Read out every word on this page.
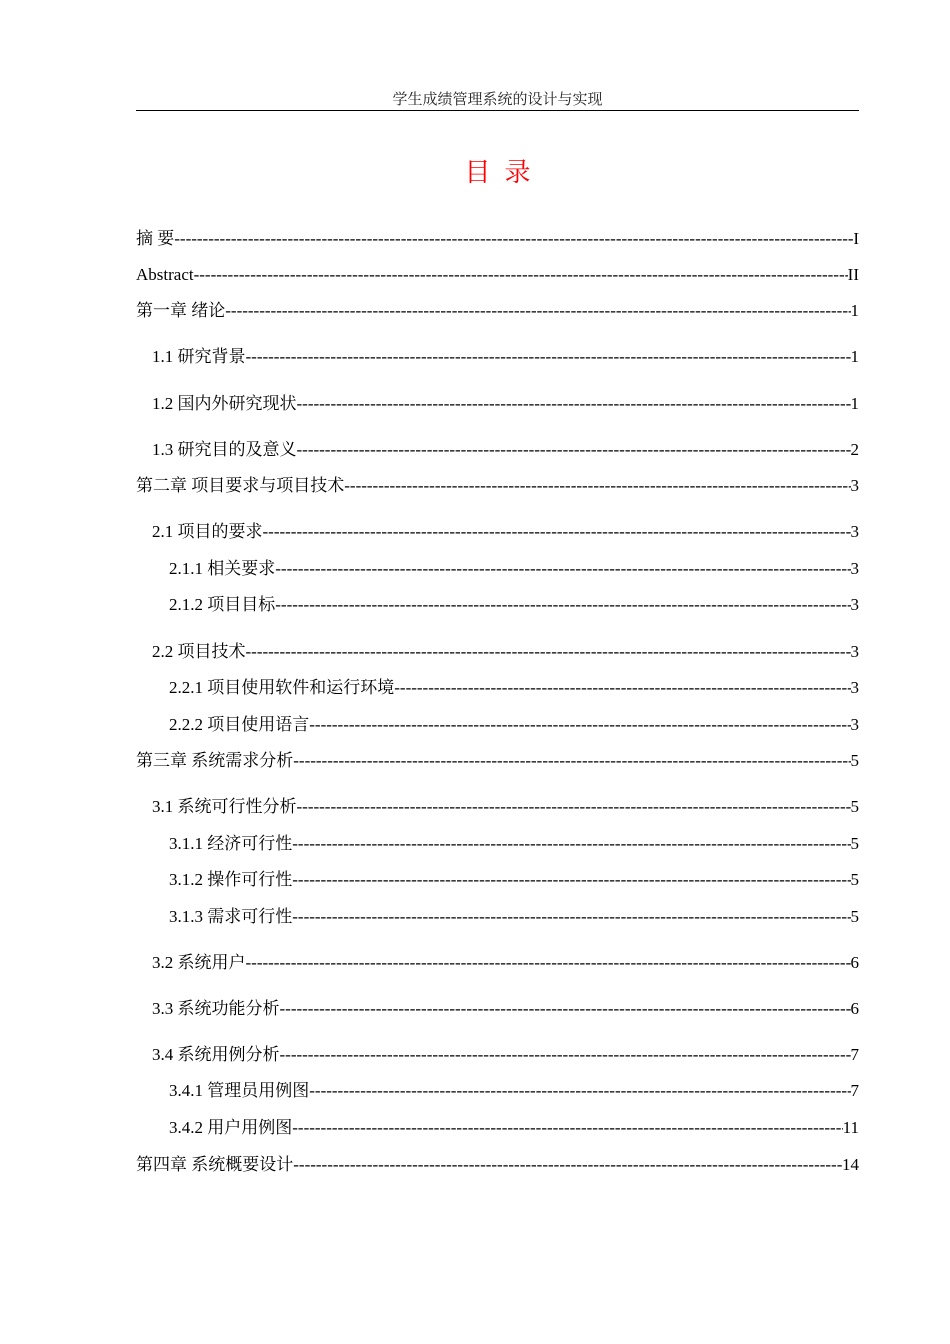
学生成绩管理系统的设计与实现
目录
摘 要 -----	I
Abstract -----	II
第一章 绪论 -----	1
1.1 研究背景 -----	1
1.2 国内外研究现状 -----	1
1.3 研究目的及意义 -----	2
第二章 项目要求与项目技术 -----	3
2.1 项目的要求 -----	3
2.1.1 相关要求 -----	3
2.1.2 项目目标 -----	3
2.2 项目技术 -----	3
2.2.1 项目使用软件和运行环境 -----	3
2.2.2 项目使用语言 -----	3
第三章 系统需求分析 -----	5
3.1 系统可行性分析 -----	5
3.1.1 经济可行性 -----	5
3.1.2 操作可行性 -----	5
3.1.3 需求可行性 -----	5
3.2 系统用户 -----	6
3.3 系统功能分析 -----	6
3.4 系统用例分析 -----	7
3.4.1 管理员用例图 -----	7
3.4.2 用户用例图 -----	11
第四章 系统概要设计 -----	14
